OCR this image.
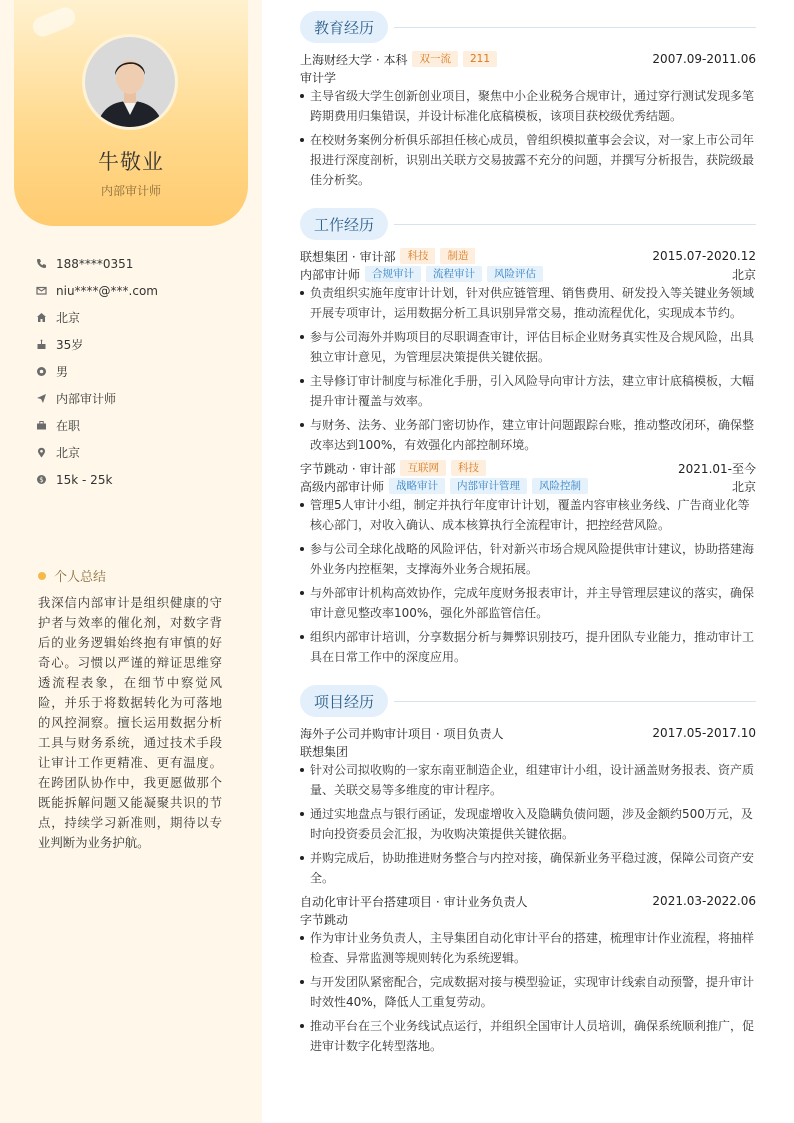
牛敬业
内部审计师
188****0351
niu****@***.com
北京
35岁
男
内部审计师
在职
北京
$ 15k - 25k
个人总结
我深信内部审计是组织健康的守护者与效率的催化剂，对数字背后的业务逻辑始终抱有审慎的好奇心。习惯以严谨的辩证思维穿透流程表象，在细节中察觉风险，并乐于将数据转化为可落地的风控洞察。擅长运用数据分析工具与财务系统，通过技术手段让审计工作更精准、更有温度。在跨团队协作中，我更愿做那个既能拆解问题又能凝聚共识的节点，持续学习新准则，期待以专业判断为业务护航。
教育经历
上海财经大学 · 本科	双一流	211	2007.09-2011.06
审计学
主导省级大学生创新创业项目，聚焦中小企业税务合规审计，通过穿行测试发现多笔跨期费用归集错误，并设计标准化底稿模板，该项目获校级优秀结题。
在校财务案例分析俱乐部担任核心成员，曾组织模拟董事会会议，对一家上市公司年报进行深度剖析，识别出关联方交易披露不充分的问题，并撰写分析报告，获院级最佳分析奖。
工作经历
联想集团 · 审计部	科技	制造	2015.07-2020.12
内部审计师	合规审计	流程审计	风险评估	北京
负责组织实施年度审计计划，针对供应链管理、销售费用、研发投入等关键业务领域开展专项审计，运用数据分析工具识别异常交易，推动流程优化，实现成本节约。
参与公司海外并购项目的尽职调查审计，评估目标企业财务真实性及合规风险，出具独立审计意见，为管理层决策提供关键依据。
主导修订审计制度与标准化手册，引入风险导向审计方法，建立审计底稿模板，大幅提升审计覆盖与效率。
与财务、法务、业务部门密切协作，建立审计问题跟踪台账，推动整改闭环，确保整改率达到100%，有效强化内部控制环境。
字节跳动 · 审计部	互联网	科技	2021.01-至今
高级内部审计师	战略审计	内部审计管理	风险控制	北京
管理5人审计小组，制定并执行年度审计计划，覆盖内容审核业务线、广告商业化等核心部门，对收入确认、成本核算执行全流程审计，把控经营风险。
参与公司全球化战略的风险评估，针对新兴市场合规风险提供审计建议，协助搭建海外业务内控框架，支撑海外业务合规拓展。
与外部审计机构高效协作，完成年度财务报表审计，并主导管理层建议的落实，确保审计意见整改率100%，强化外部监管信任。
组织内部审计培训，分享数据分析与舞弊识别技巧，提升团队专业能力，推动审计工具在日常工作中的深度应用。
项目经历
海外子公司并购审计项目 · 项目负责人	2017.05-2017.10
联想集团
针对公司拟收购的一家东南亚制造企业，组建审计小组，设计涵盖财务报表、资产质量、关联交易等多维度的审计程序。
通过实地盘点与银行函证，发现虚增收入及隐瞒负债问题，涉及金额约500万元，及时向投资委员会汇报，为收购决策提供关键依据。
并购完成后，协助推进财务整合与内控对接，确保新业务平稳过渡，保障公司资产安全。
自动化审计平台搭建项目 · 审计业务负责人	2021.03-2022.06
字节跳动
作为审计业务负责人，主导集团自动化审计平台的搭建，梳理审计作业流程，将抽样检查、异常监测等规则转化为系统逻辑。
与开发团队紧密配合，完成数据对接与模型验证，实现审计线索自动预警，提升审计时效性40%，降低人工重复劳动。
推动平台在三个业务线试点运行，并组织全国审计人员培训，确保系统顺利推广，促进审计数字化转型落地。
